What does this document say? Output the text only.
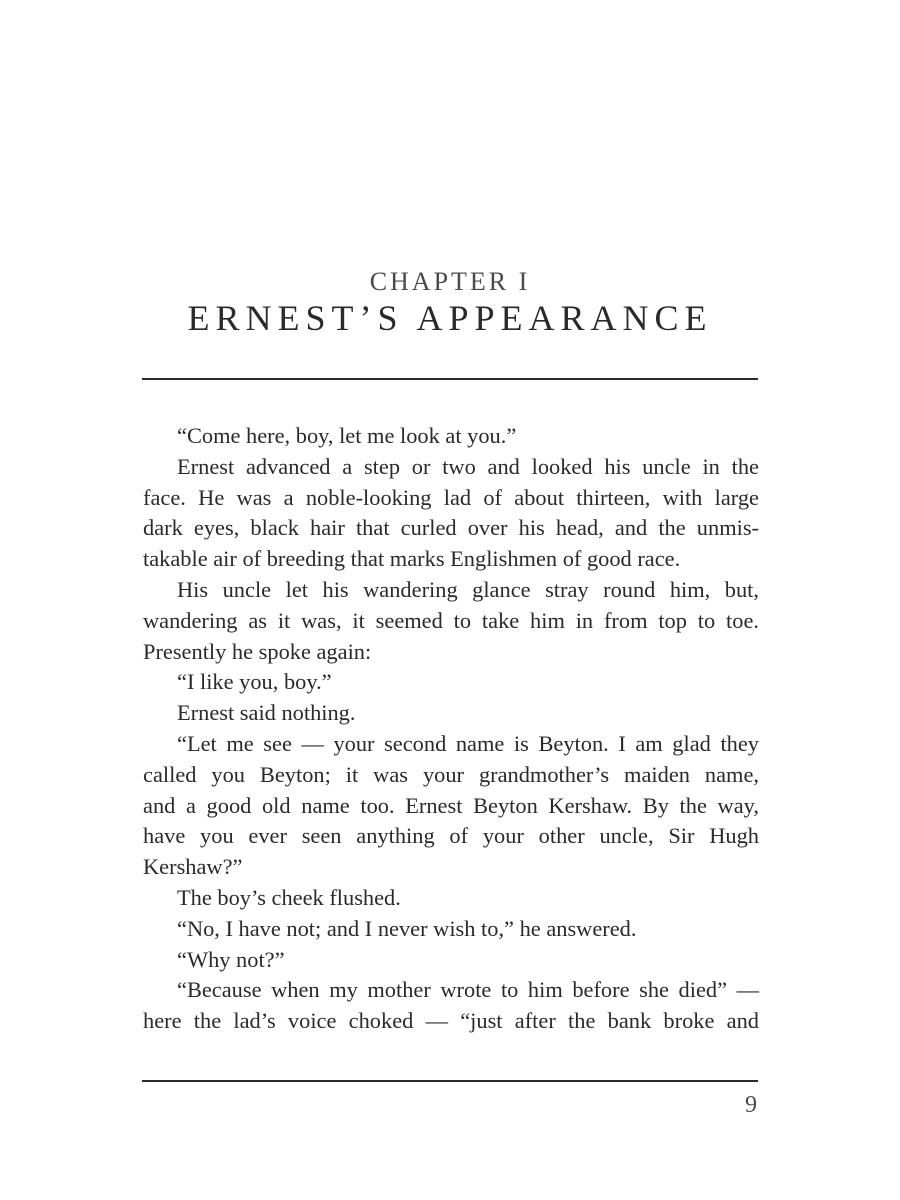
CHAPTER I
ERNEST’S APPEARANCE
“Come here, boy, let me look at you.”
Ernest advanced a step or two and looked his uncle in the
face. He was a noble-looking lad of about thirteen, with large
dark eyes, black hair that curled over his head, and the unmis-
takable air of breeding that marks Englishmen of good race.
His uncle let his wandering glance stray round him, but,
wandering as it was, it seemed to take him in from top to toe.
Presently he spoke again:
“I like you, boy.”
Ernest said nothing.
“Let me see — your second name is Beyton. I am glad they
called you Beyton; it was your grandmother’s maiden name,
and a good old name too. Ernest Beyton Kershaw. By the way,
have you ever seen anything of your other uncle, Sir Hugh
Kershaw?”
The boy’s cheek flushed.
“No, I have not; and I never wish to,” he answered.
“Why not?”
“Because when my mother wrote to him before she died” —
here the lad’s voice choked — “just after the bank broke and
9
